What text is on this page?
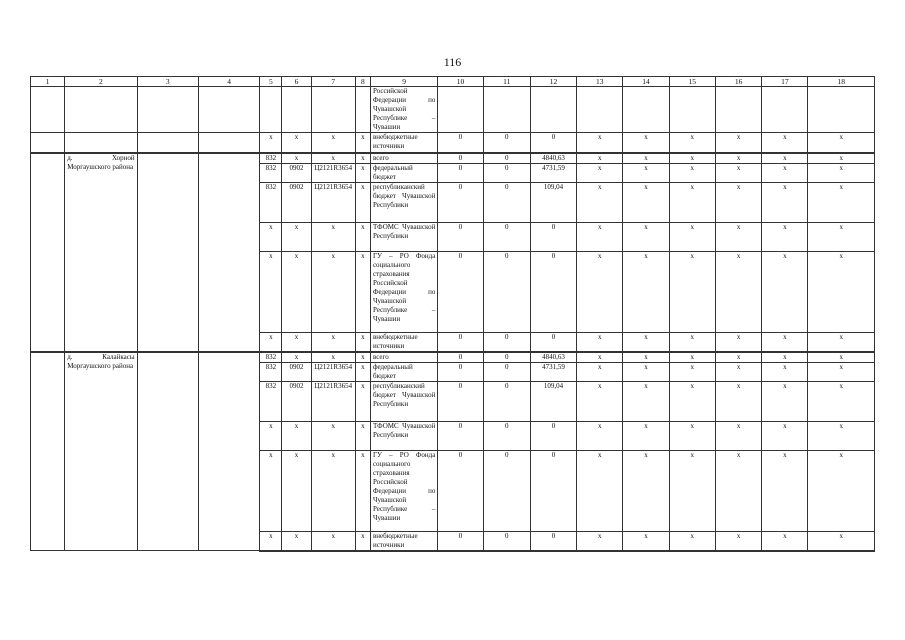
116
1	2	3	4	5	6	7	8	9	10	11	12	13	14	15	16	17	18
								Российской Федерации по Чувашской Республике – Чувашии									
				x	x	x	x	внебюджетные источники	0	0	0	x	x	x	x	x	x
	д. Хорной Моргаушского района			832	x	x	x	всего	0	0	4840,63	x	x	x	x	x	x
				832	0902	Ц2121R3654	x	федеральный бюджет	0	0	4731,59	x	x	x	x	x	x
				832	0902	Ц2121R3654	x	республиканский бюджет Чувашской Республики	0	0	109,04	x	x	x	x	x	x
				x	x	x	x	ТФОМС Чувашской Республики	0	0	0	x	x	x	x	x	x
				x	x	x	x	ГУ – РО Фонда социального страхования Российской Федерации по Чувашской Республике – Чувашии	0	0	0	x	x	x	x	x	x
				x	x	x	x	внебюджетные источники	0	0	0	x	x	x	x	x	x
	д. Калайкасы Моргаушского района			832	x	x	x	всего	0	0	4840,63	x	x	x	x	x	x
				832	0902	Ц2121R3654	x	федеральный бюджет	0	0	4731,59	x	x	x	x	x	x
				832	0902	Ц2121R3654	x	республиканский бюджет Чувашской Республики	0	0	109,04	x	x	x	x	x	x
				x	x	x	x	ТФОМС Чувашской Республики	0	0	0	x	x	x	x	x	x
				x	x	x	x	ГУ – РО Фонда социального страхования Российской Федерации по Чувашской Республике – Чувашии	0	0	0	x	x	x	x	x	x
				x	x	x	x	внебюджетные источники	0	0	0	x	x	x	x	x	x
